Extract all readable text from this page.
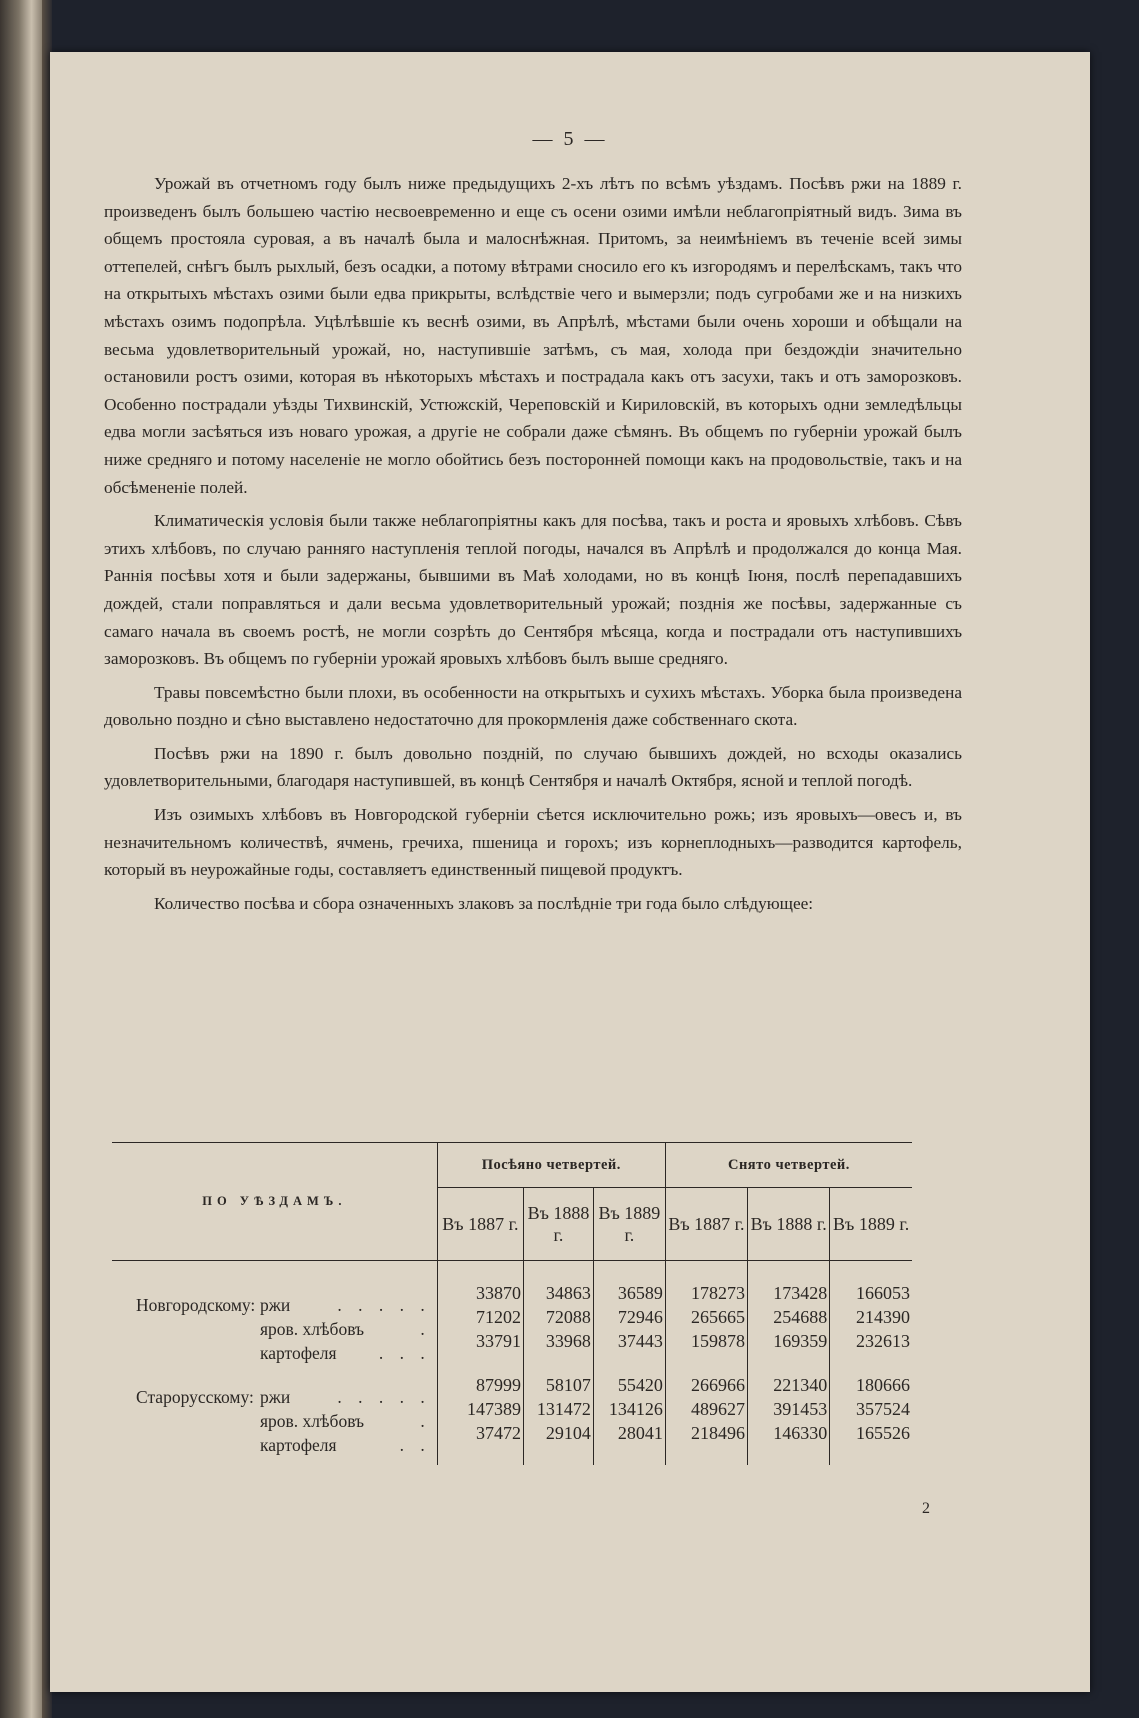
— 5 —

Урожай въ отчетномъ году былъ ниже предыдущихъ 2-хъ лѣтъ по всѣмъ уѣздамъ. Посѣвъ ржи на 1889 г. произведенъ былъ большею частію несвоевременно и еще съ осени озими имѣли неблагопріятный видъ. Зима въ общемъ простояла суровая, а въ началѣ была и малоснѣжная. Притомъ, за неимѣніемъ въ теченіе всей зимы оттепелей, снѣгъ былъ рыхлый, безъ осадки, а потому вѣтрами сносило его къ изгородямъ и перелѣскамъ, такъ что на открытыхъ мѣстахъ озими были едва прикрыты, вслѣдствіе чего и вымерзли; подъ сугробами же и на низкихъ мѣстахъ озимъ подопрѣла. Уцѣлѣвшіе къ веснѣ озими, въ Апрѣлѣ, мѣстами были очень хороши и обѣщали на весьма удовлетворительный урожай, но, наступившіе затѣмъ, съ мая, холода при бездождіи значительно остановили ростъ озими, которая въ нѣкоторыхъ мѣстахъ и пострадала какъ отъ засухи, такъ и отъ заморозковъ. Особенно пострадали уѣзды Тихвинскій, Устюжскій, Череповскій и Кириловскій, въ которыхъ одни земледѣльцы едва могли засѣяться изъ новаго урожая, а другіе не собрали даже сѣмянъ. Въ общемъ по губерніи урожай былъ ниже средняго и потому населеніе не могло обойтись безъ посторонней помощи какъ на продовольствіе, такъ и на обсѣмененіе полей.

Климатическія условія были также неблагопріятны какъ для посѣва, такъ и роста и яровыхъ хлѣбовъ. Сѣвъ этихъ хлѣбовъ, по случаю ранняго наступленія теплой погоды, начался въ Апрѣлѣ и продолжался до конца Мая. Раннія посѣвы хотя и были задержаны, бывшими въ Maѣ холодами, но въ концѣ Іюня, послѣ перепадавшихъ дождей, стали поправляться и дали весьма удовлетворительный урожай; позднія же посѣвы, задержанные съ самаго начала въ своемъ ростѣ, не могли созрѣть до Сентября мѣсяца, когда и пострадали отъ наступившихъ заморозковъ. Въ общемъ по губерніи урожай яровыхъ хлѣбовъ былъ выше средняго.

Травы повсемѣстно были плохи, въ особенности на открытыхъ и сухихъ мѣстахъ. Уборка была произведена довольно поздно и сѣно выставлено недостаточно для прокормленія даже собственнаго скота.

Посѣвъ ржи на 1890 г. былъ довольно поздній, по случаю бывшихъ дождей, но всходы оказались удовлетворительными, благодаря наступившей, въ концѣ Сентября и началѣ Октября, ясной и теплой погодѣ.

Изъ озимыхъ хлѣбовъ въ Новгородской губерніи сѣется исключительно рожь; изъ яровыхъ—овесъ и, въ незначительномъ количествѣ, ячмень, гречиха, пшеница и горохъ; изъ корнеплодныхъ—разводится картофель, который въ неурожайные годы, составляетъ единственный пищевой продуктъ.

Количество посѣва и сбора означенныхъ злаковъ за послѣдніе три года было слѣдующее:

ПО УѢЗДАМЪ.	Посѣяно четвертей.			Снято четвертей.		
	Въ 1887 г.	Въ 1888 г.	Въ 1889 г.	Въ 1887 г.	Въ 1888 г.	Въ 1889 г.

Новгородскому: ржи . . . . .	33870	34863	36589	178273	173428	166053

яров. хлѣбовъ .	71202	72088	72946	265665	254688	214390

картофеля . . .	33791	33968	37443	159878	169359	232613

Старорусскому: ржи . . . . .	87999	58107	55420	266966	221340	180666

яров. хлѣбовъ .	147389	131472	134126	489627	391453	357524

картофеля . .	37472	29104	28041	218496	146330	165526

2
